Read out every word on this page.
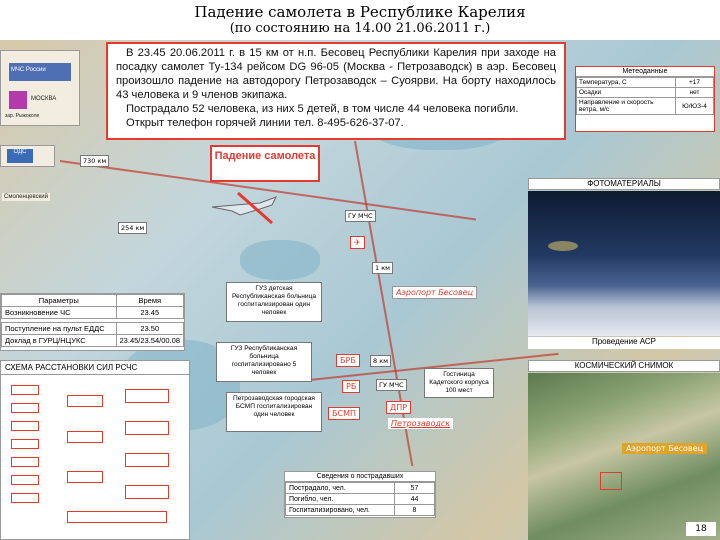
Падение самолета в Республике Карелия
(по состоянию на 14.00 21.06.2011 г.)
В 23.45 20.06.2011 г. в 15 км от н.п. Бесовец Республики Карелия при заходе на посадку самолет Ту-134 рейсом DG 96-05 (Москва - Петрозаводск) в аэр. Бесовец произошло падение на автодорогу Петрозаводск – Суоярви. На борту находилось 43 человека и 9 членов экипажа.
Пострадало 52 человека, из них 5 детей, в том числе 44 человека погибли.
Открыт телефон горячей линии тел. 8-495-626-37-07.
МЧС России
МОСКВА
зар. Рыжоколе
ОДС
Смоленцевский
Метеоданные
Температура, С	+17
Осадки	нет
Направление и скорость ветра, м/с	Ю/ЮЗ-4
Падение самолета
730 км
254 км
ГУ МЧС
✈
1 км
Аэропорт Бесовец
ГУЗ детская Республиканская больница госпитализирован один человек
ГУЗ Республиканская больница госпитализировано 5 человек
Петрозаводская городская БСМП госпитализирован один человек
Гостиница Кадетского корпуса 100 мест
БРБ	8 км
РБ	ГУ МЧС
БСМП
ДПР
Петрозаводск
Параметры	Время
Возникновение ЧС	23.45

Поступление на пульт ЕДДС	23.50
Доклад в ГУРЦ/НЦУКС	23.45/23.54/00.08
СХЕМА РАССТАНОВКИ СИЛ РСЧС
ФОТОМАТЕРИАЛЫ
Проведение АСР
КОСМИЧЕСКИЙ СНИМОК
Аэропорт Бесовец
18
Сведения о пострадавших
Пострадало, чел.	57
Погибло, чел.	44
Госпитализировано, чел.	8
